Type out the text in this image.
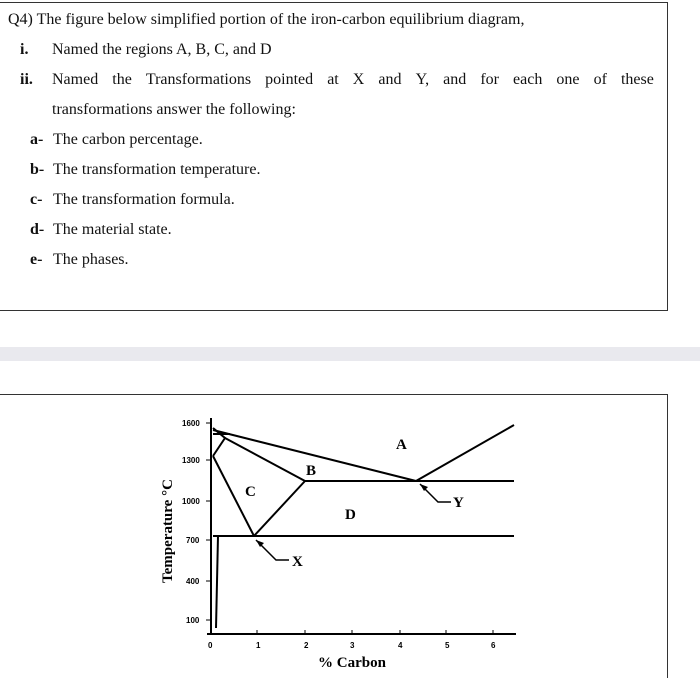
Q4) The figure below simplified portion of the iron-carbon equilibrium diagram,
i. Named the regions A, B, C, and D
ii. Named the Transformations pointed at X and Y, and for each one of these
transformations answer the following:
a- The carbon percentage.
b- The transformation temperature.
c- The transformation formula.
d- The material state.
e- The phases.
1600
1300
1000
700
400
100
0	1	2	3	4	5	6
X
Y
A
B
C
D
Temperature °C
% Carbon
